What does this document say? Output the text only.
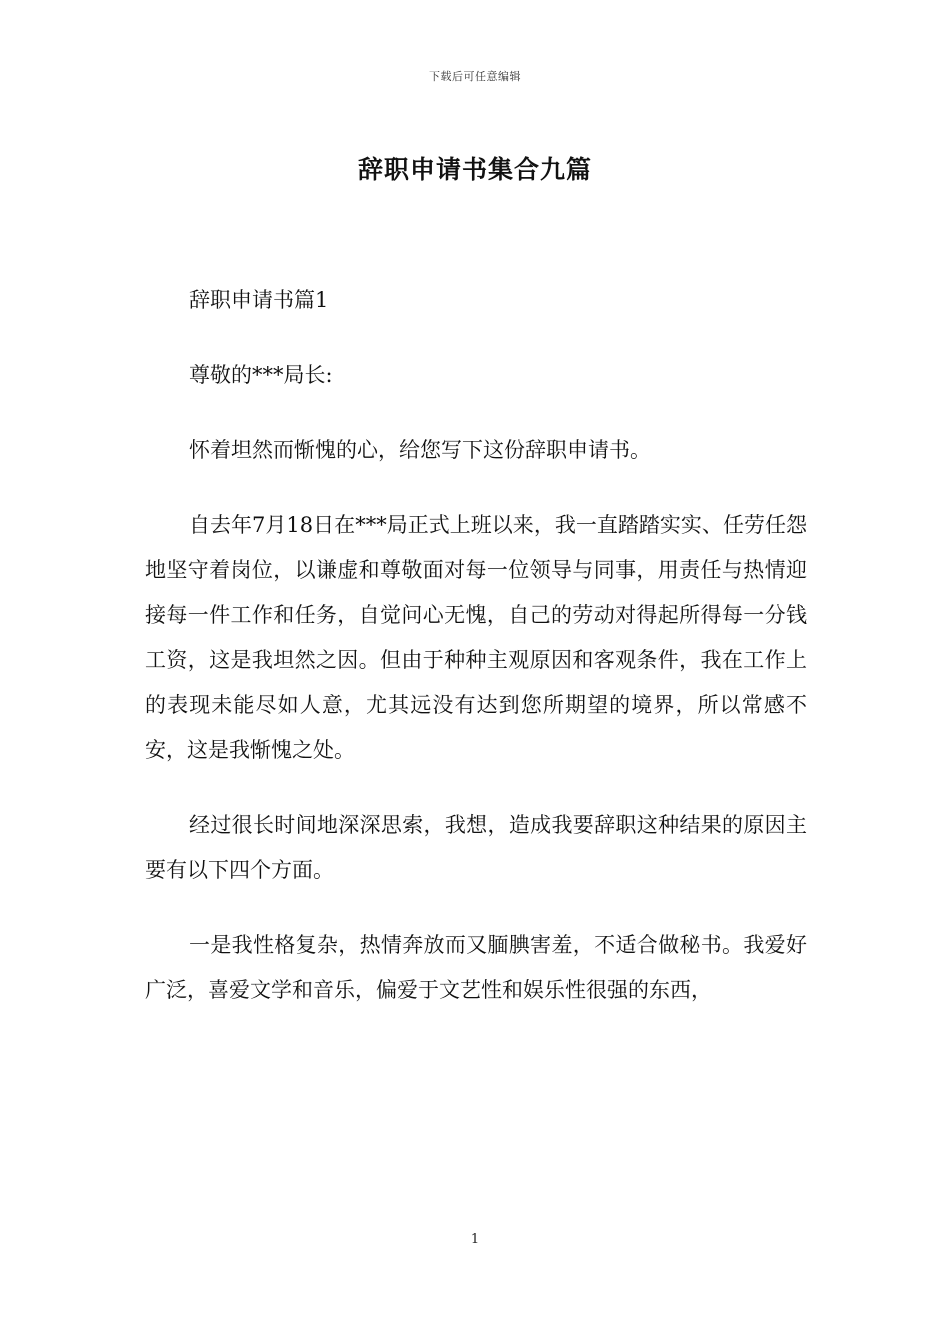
下载后可任意编辑
辞职申请书集合九篇

辞职申请书篇1

尊敬的***局长:

怀着坦然而惭愧的心，给您写下这份辞职申请书。

自去年7月18日在***局正式上班以来，我一直踏踏实实、任劳任怨地坚守着岗位，以谦虚和尊敬面对每一位领导与同事，用责任与热情迎接每一件工作和任务，自觉问心无愧，自己的劳动对得起所得每一分钱工资，这是我坦然之因。但由于种种主观原因和客观条件，我在工作上的表现未能尽如人意，尤其远没有达到您所期望的境界，所以常感不安，这是我惭愧之处。

经过很长时间地深深思索，我想，造成我要辞职这种结果的原因主要有以下四个方面。

一是我性格复杂，热情奔放而又腼腆害羞，不适合做秘书。我爱好广泛，喜爱文学和音乐，偏爱于文艺性和娱乐性很强的东西，

1
